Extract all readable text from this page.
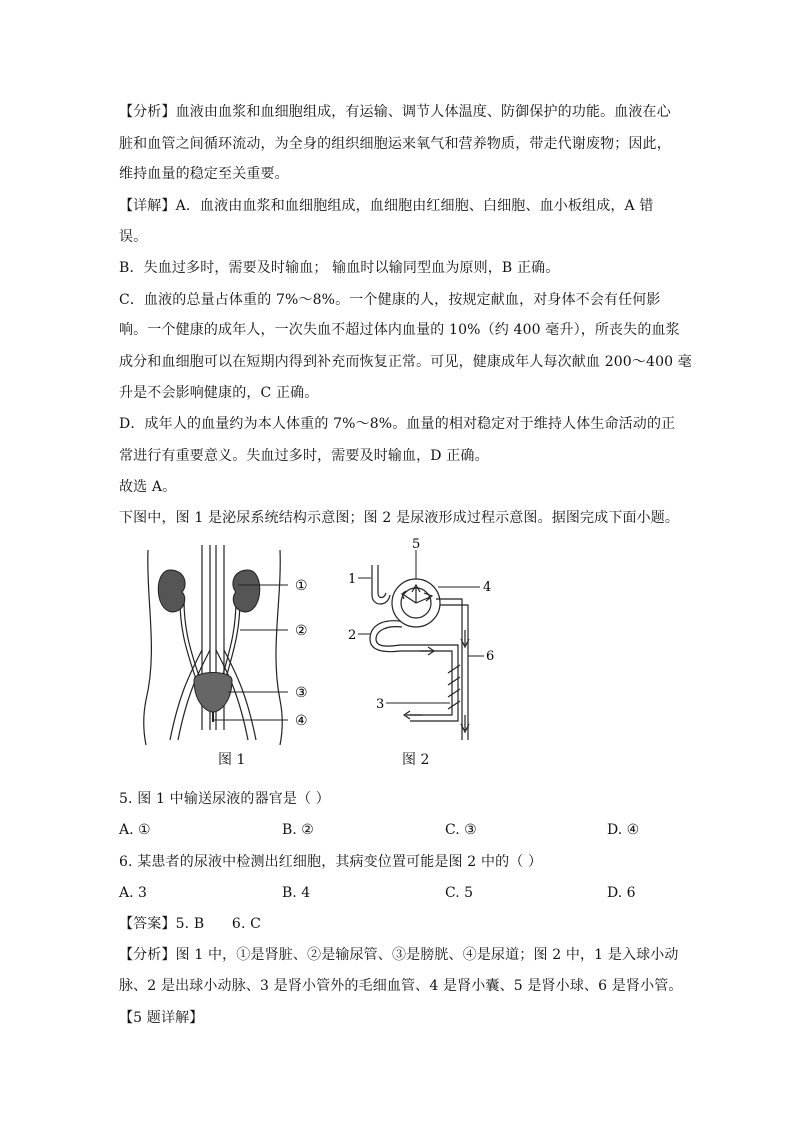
【分析】血液由血浆和血细胞组成，有运输、调节人体温度、防御保护的功能。血液在心
脏和血管之间循环流动，为全身的组织细胞运来氧气和营养物质，带走代谢废物；因此，
维持血量的稳定至关重要。
【详解】A．血液由血浆和血细胞组成，血细胞由红细胞、白细胞、血小板组成，A 错
误。
B．失血过多时，需要及时输血； 输血时以输同型血为原则，B 正确。
C．血液的总量占体重的 7%～8%。一个健康的人，按规定献血，对身体不会有任何影
响。一个健康的成年人，一次失血不超过体内血量的 10%（约 400 毫升），所丧失的血浆
成分和血细胞可以在短期内得到补充而恢复正常。可见，健康成年人每次献血 200～400 毫
升是不会影响健康的，C 正确。
D．成年人的血量约为本人体重的 7%～8%。血量的相对稳定对于维持人体生命活动的正
常进行有重要意义。失血过多时，需要及时输血，D 正确。
故选 A。
下图中，图 1 是泌尿系统结构示意图；图 2 是尿液形成过程示意图。据图完成下面小题。
①
②
③
④
图 1
1
2
3
4
5
6
图 2
5. 图 1 中输送尿液的器官是（ ）
A. ①	B. ②	C. ③	D. ④
6. 某患者的尿液中检测出红细胞，其病变位置可能是图 2 中的（ ）
A. 3	B. 4	C. 5	D. 6
【答案】5. B      6. C
【分析】图 1 中，①是肾脏、②是输尿管、③是膀胱、④是尿道；图 2 中，1 是入球小动
脉、2 是出球小动脉、3 是肾小管外的毛细血管、4 是肾小囊、5 是肾小球、6 是肾小管。
【5 题详解】
